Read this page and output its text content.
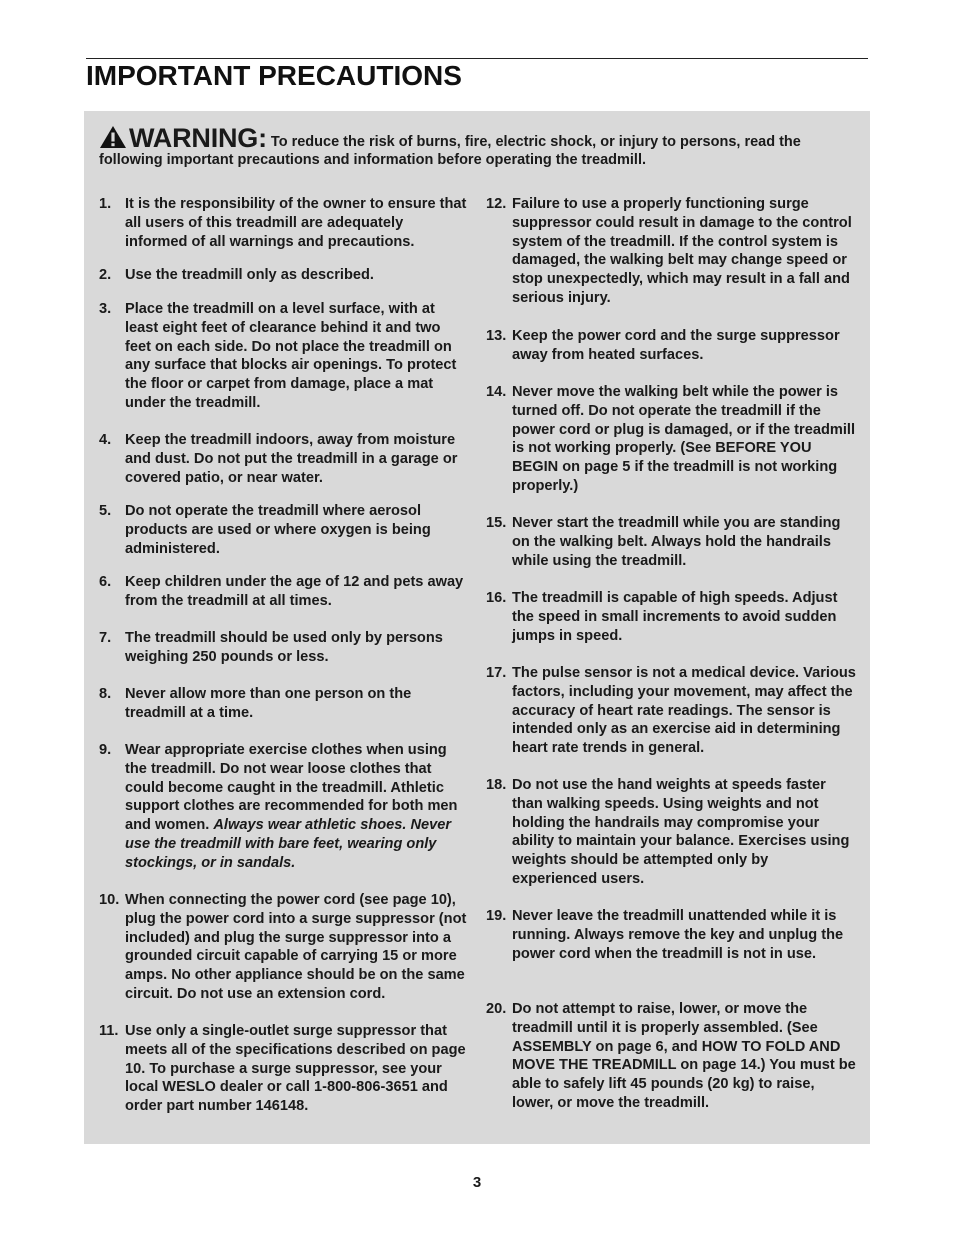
IMPORTANT PRECAUTIONS
WARNING: To reduce the risk of burns, fire, electric shock, or injury to persons, read the following important precautions and information before operating the treadmill.
1. It is the responsibility of the owner to ensure that all users of this treadmill are adequately informed of all warnings and precautions.
2. Use the treadmill only as described.
3. Place the treadmill on a level surface, with at least eight feet of clearance behind it and two feet on each side. Do not place the treadmill on any surface that blocks air openings. To protect the floor or carpet from damage, place a mat under the treadmill.
4. Keep the treadmill indoors, away from moisture and dust. Do not put the treadmill in a garage or covered patio, or near water.
5. Do not operate the treadmill where aerosol products are used or where oxygen is being administered.
6. Keep children under the age of 12 and pets away from the treadmill at all times.
7. The treadmill should be used only by persons weighing 250 pounds or less.
8. Never allow more than one person on the treadmill at a time.
9. Wear appropriate exercise clothes when using the treadmill. Do not wear loose clothes that could become caught in the treadmill. Athletic support clothes are recommended for both men and women. Always wear athletic shoes. Never use the treadmill with bare feet, wearing only stockings, or in sandals.
10. When connecting the power cord (see page 10), plug the power cord into a surge suppressor (not included) and plug the surge suppressor into a grounded circuit capable of carrying 15 or more amps. No other appliance should be on the same circuit. Do not use an extension cord.
11. Use only a single-outlet surge suppressor that meets all of the specifications described on page 10. To purchase a surge suppressor, see your local WESLO dealer or call 1-800-806-3651 and order part number 146148.
12. Failure to use a properly functioning surge suppressor could result in damage to the control system of the treadmill. If the control system is damaged, the walking belt may change speed or stop unexpectedly, which may result in a fall and serious injury.
13. Keep the power cord and the surge suppressor away from heated surfaces.
14. Never move the walking belt while the power is turned off. Do not operate the treadmill if the power cord or plug is damaged, or if the treadmill is not working properly. (See BEFORE YOU BEGIN on page 5 if the treadmill is not working properly.)
15. Never start the treadmill while you are standing on the walking belt. Always hold the handrails while using the treadmill.
16. The treadmill is capable of high speeds. Adjust the speed in small increments to avoid sudden jumps in speed.
17. The pulse sensor is not a medical device. Various factors, including your movement, may affect the accuracy of heart rate readings. The sensor is intended only as an exercise aid in determining heart rate trends in general.
18. Do not use the hand weights at speeds faster than walking speeds. Using weights and not holding the handrails may compromise your ability to maintain your balance. Exercises using weights should be attempted only by experienced users.
19. Never leave the treadmill unattended while it is running. Always remove the key and unplug the power cord when the treadmill is not in use.
20. Do not attempt to raise, lower, or move the treadmill until it is properly assembled. (See ASSEMBLY on page 6, and HOW TO FOLD AND MOVE THE TREADMILL on page 14.) You must be able to safely lift 45 pounds (20 kg) to raise, lower, or move the treadmill.
3
